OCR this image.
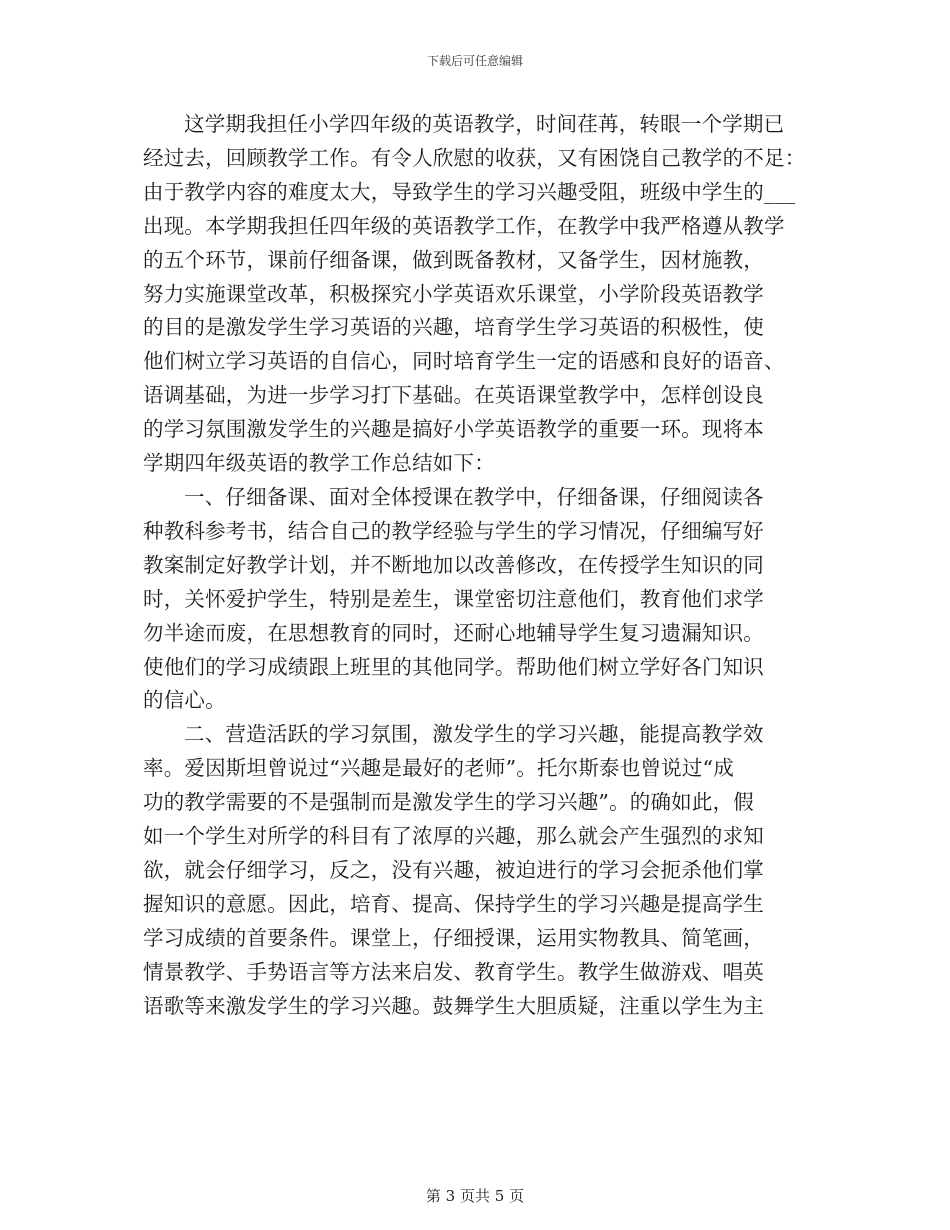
下载后可任意编辑
这学期我担任小学四年级的英语教学，时间荏苒，转眼一个学期已
经过去，回顾教学工作。有令人欣慰的收获，又有困饶自己教学的不足：
由于教学内容的难度太大，导致学生的学习兴趣受阻，班级中学生的___
出现。本学期我担任四年级的英语教学工作，在教学中我严格遵从教学
的五个环节，课前仔细备课，做到既备教材，又备学生，因材施教，
努力实施课堂改革，积极探究小学英语欢乐课堂，小学阶段英语教学
的目的是激发学生学习英语的兴趣，培育学生学习英语的积极性，使
他们树立学习英语的自信心，同时培育学生一定的语感和良好的语音、
语调基础，为进一步学习打下基础。在英语课堂教学中，怎样创设良
的学习氛围激发学生的兴趣是搞好小学英语教学的重要一环。现将本
学期四年级英语的教学工作总结如下：
一、仔细备课、面对全体授课在教学中，仔细备课，仔细阅读各
种教科参考书，结合自己的教学经验与学生的学习情况，仔细编写好
教案制定好教学计划，并不断地加以改善修改，在传授学生知识的同
时，关怀爱护学生，特别是差生，课堂密切注意他们，教育他们求学
勿半途而废，在思想教育的同时，还耐心地辅导学生复习遗漏知识。
使他们的学习成绩跟上班里的其他同学。帮助他们树立学好各门知识
的信心。
二、营造活跃的学习氛围，激发学生的学习兴趣，能提高教学效
率。爱因斯坦曾说过“兴趣是最好的老师”。托尔斯泰也曾说过“成
功的教学需要的不是强制而是激发学生的学习兴趣”。的确如此，假
如一个学生对所学的科目有了浓厚的兴趣，那么就会产生强烈的求知
欲，就会仔细学习，反之，没有兴趣，被迫进行的学习会扼杀他们掌
握知识的意愿。因此，培育、提高、保持学生的学习兴趣是提高学生
学习成绩的首要条件。课堂上，仔细授课，运用实物教具、简笔画，
情景教学、手势语言等方法来启发、教育学生。教学生做游戏、唱英
语歌等来激发学生的学习兴趣。鼓舞学生大胆质疑，注重以学生为主
第 3 页共 5 页
